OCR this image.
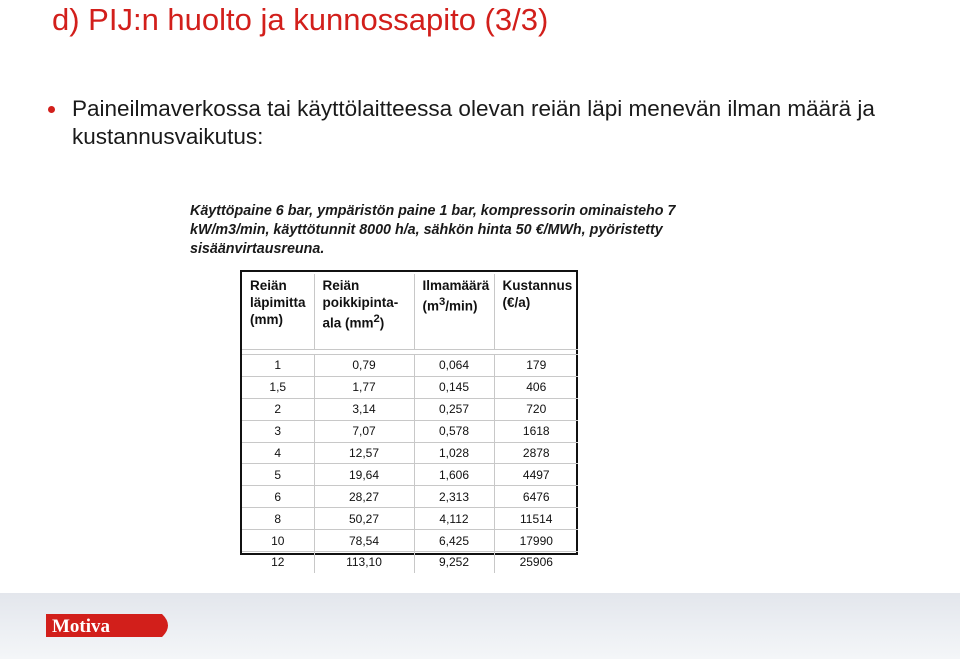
d) PIJ:n huolto ja kunnossapito (3/3)
Paineilmaverkossa tai käyttölaitteessa olevan reiän läpi menevän ilman määrä ja kustannusvaikutus:
Käyttöpaine 6 bar, ympäristön paine 1 bar, kompressorin ominaisteho 7 kW/m3/min, käyttötunnit 8000 h/a, sähkön hinta 50 €/MWh, pyöristetty sisäänvirtausreuna.
Reiän
läpimitta
(mm)	Reiän
poikkipinta-
ala $(mm^2)$	Ilmamäärä
$(m^3/\min)$	Kustannus
(€/a)

1	0,79	0,064	179
1,5	1,77	0,145	406
2	3,14	0,257	720
3	7,07	0,578	1618
4	12,57	1,028	2878
5	19,64	1,606	4497
6	28,27	2,313	6476
8	50,27	4,112	11514
10	78,54	6,425	17990
12	113,10	9,252	25906
Motiva
